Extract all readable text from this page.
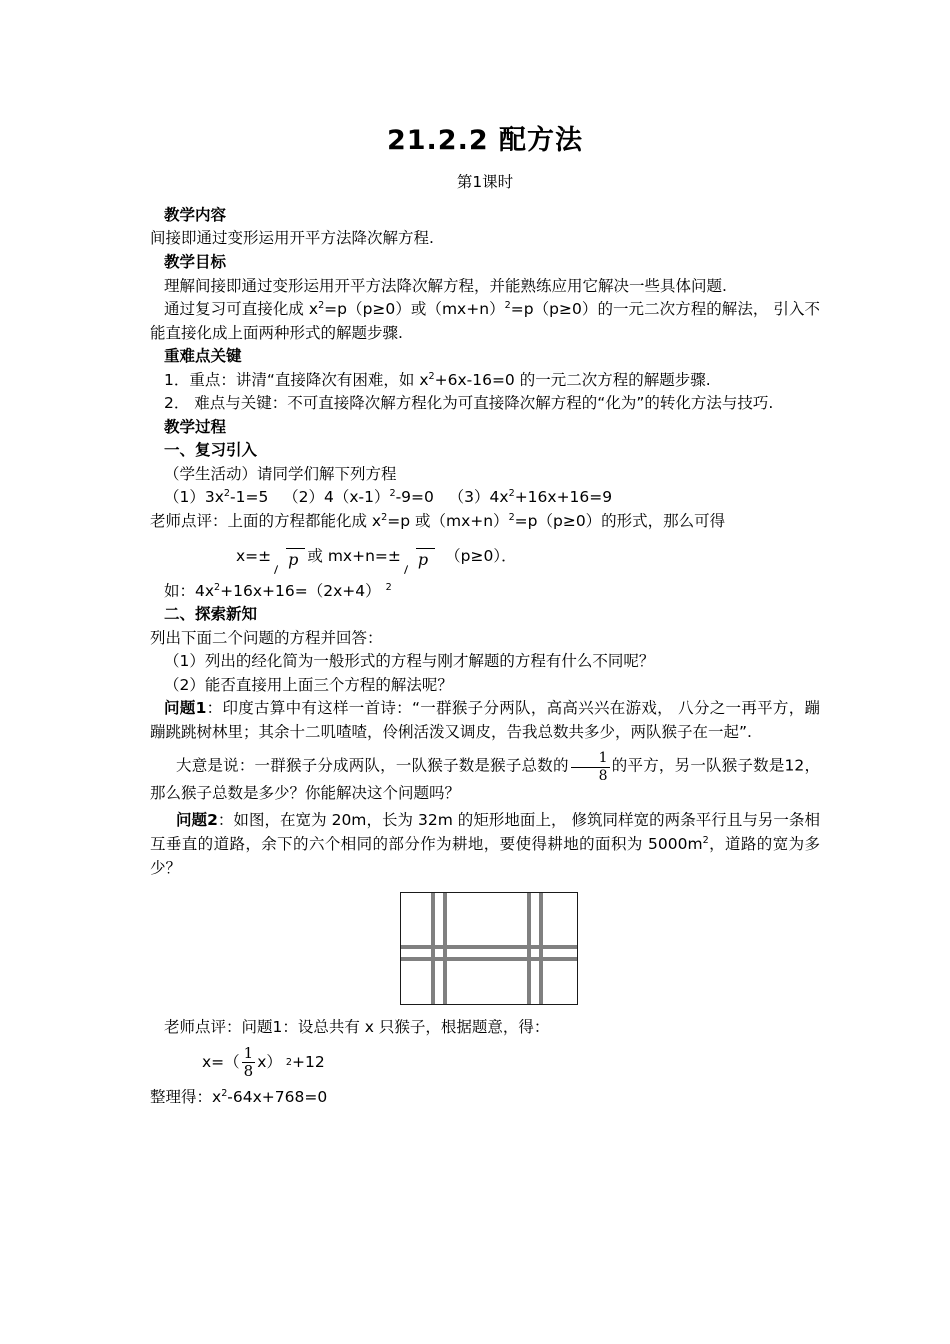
21.2.2 配方法
第1课时
教学内容

间接即通过变形运用开平方法降次解方程.

教学目标

理解间接即通过变形运用开平方法降次解方程，并能熟练应用它解决一些具体问题.

通过复习可直接化成 $x^2=p(p\ge 0)$或$(mx+n)^2=p(p\ge 0)$的一元二次方程的解法， 引入不能直接化成上面两种形式的解题步骤.

重难点关键

1．重点：讲清“直接降次有困难，如 $x^2+6x-16=0$ 的一元二次方程的解题步骤.

2． 难点与关键：不可直接降次解方程化为可直接降次解方程的“化为”的转化方法与技巧.

教学过程
一、复习引入

（学生活动）请同学们解下列方程

$(1)3x^2-1=5$ $(2)4(x-1)^2-9=0$ $(3)4x^2+16x+16=9$

老师点评：上面的方程都能化成 $x^2=p$ 或$(mx+n)^2=p(p\ge 0)$的形式，那么可得

x=± p 或 mx+n=± p	（p≥0）．

如：$4x^2+16x+16=(2x+4)$ $^2$

二、探索新知

列出下面二个问题的方程并回答：

（1）列出的经化简为一般形式的方程与刚才解题的方程有什么不同呢？

（2）能否直接用上面三个方程的解法呢？

问题1：印度古算中有这样一首诗：“一群猴子分两队，高高兴兴在游戏， 八分之一再平方，蹦蹦跳跳树林里；其余十二叽喳喳，伶俐活泼又调皮，告我总数共多少，两队猴子在一起”.

大意是说：一群猴子分成两队，一队猴子数是猴子总数的 $\frac{1}{8}$ 的平方，另一队猴子数是12，那么猴子总数是多少？你能解决这个问题吗？

问题2：如图，在宽为 20m，长为 32m 的矩形地面上， 修筑同样宽的两条平行且与另一条相互垂直的道路，余下的六个相同的部分作为耕地，要使得耕地的面积为 $5000m^2$，道路的宽为多少？

老师点评：问题1：设总共有 x 只猴子，根据题意，得：

$x=( \frac{1}{8} x)$ 2 +12

整理得：$x^2-64x+768=0$
